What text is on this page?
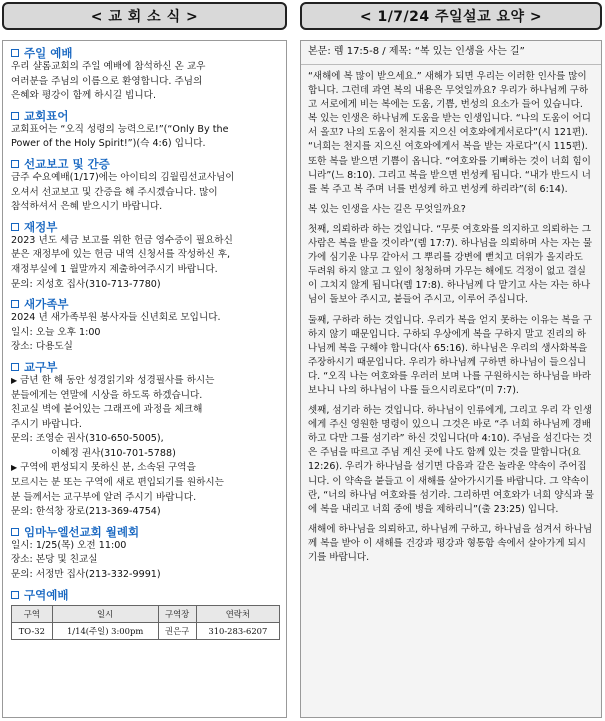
< 교 회 소 식 >	< 1/7/24 주일설교 요약 >
주일 예배

우리 샬롬교회의 주일 예배에 참석하신 온 교우

여러분을 주님의 이름으로 환영합니다. 주님의

은혜와 평강이 함께 하시길 빕니다.

교회표어

교회표어는 “오직 성령의 능력으로!”(“Only By the

Power of the Holy Spirit!”)(슥 4:6) 입니다.

선교보고 및 간증

금주 수요예배(1/17)에는 아이티의 김월림선교사님이

오셔서 선교보고 및 간증을 해 주시겠습니다. 많이

참석하셔서 은혜 받으시기 바랍니다.

재정부

2023 년도 세금 보고를 위한 헌금 영수증이 필요하신

분은 재정부에 있는 헌금 내역 신청서를 작성하신 후,

재정부실에 1 월말까지 제출하여주시기 바랍니다.

문의: 지성호 집사(310-713-7780)

새가족부

2024 년 새가족부원 봉사자들 신년회로 모입니다.

일시: 오늘 오후 1:00

장소: 다용도실

교구부
▶ 금년 한 해 동안 성경읽기와 성경필사를 하시는

분들에게는 연말에 시상을 하도록 하겠습니다.

친교실 벽에 붙어있는 그래프에 과정을 체크해

주시기 바랍니다.

문의: 조영순 권사(310-650-5005),

이혜정 권사(310-701-5788)

▶ 구역에 편성되지 못하신 분, 소속된 구역을

모르시는 분 또는 구역에 새로 편입되기를 원하시는

분 들께서는 교구부에 알려 주시기 바랍니다.

문의: 한석창 장로(213-369-4754)

임마누엘선교회 월례회

일시: 1/25(목) 오전 11:00

장소: 본당 및 친교실

문의: 서정만 집사(213-332-9991)

구역예배
구역	일시	구역장	연락처
TO-32	1/14(주일) 3:00pm	권은구	310-283-6207

본문: 렘 17:5-8 / 제목: “복 있는 인생을 사는 길”

“새해에 복 많이 받으세요.” 새해가 되면 우리는 이러한 인사를 많이 합니다. 그런데 과연 복의 내용은 무엇일까요? 우리가 하나님께 구하고 서로에게 비는 복에는 도움, 기쁨, 번성의 요소가 들어 있습니다. 복 있는 인생은 하나님께 도움을 받는 인생입니다. “나의 도움이 어디서 올꼬? 나의 도움이 천지를 지으신 여호와에게서로다”(시 121편). “너희는 천지를 지으신 여호와에게서 복을 받는 자로다”(시 115편). 또한 복을 받으면 기쁨이 옵니다. “여호와를 기뻐하는 것이 너희 힘이니라”(느 8:10). 그리고 복을 받으면 번성케 됩니다. “내가 반드시 너를 복 주고 복 주며 너를 번성케 하고 번성케 하리라”(히 6:14).

복 있는 인생을 사는 길은 무엇일까요?

첫째, 의뢰하라 하는 것입니다. “무릇 여호와를 의지하고 의뢰하는 그 사람은 복을 받을 것이라”(렘 17:7). 하나님을 의뢰하며 사는 자는 물가에 심기운 나무 같아서 그 뿌리를 강변에 뻗치고 더위가 올지라도 두려워 하지 않고 그 잎이 청청하며 가무는 해에도 걱정이 없고 결실이 그치지 않게 됩니다(렘 17:8). 하나님께 다 맡기고 사는 자는 하나님이 돌보아 주시고, 붙들어 주시고, 이루어 주십니다.

둘째, 구하라 하는 것입니다. 우리가 복을 얻지 못하는 이유는 복을 구하지 않기 때문입니다. 구하되 우상에게 복을 구하지 말고 진리의 하나님께 복을 구해야 합니다(사 65:16). 하나님은 우리의 생사화복을 주장하시기 때문입니다. 우리가 하나님께 구하면 하나님이 들으십니다. “오직 나는 여호와를 우러러 보며 나를 구원하시는 하나님을 바라보나니 나의 하나님이 나를 들으시리로다”(미 7:7).

셋째, 섬기라 하는 것입니다. 하나님이 인류에게, 그리고 우리 각 인생에게 주신 영원한 명령이 있으니 그것은 바로 “주 너희 하나님께 경배하고 다만 그를 섬기라” 하신 것입니다(마 4:10). 주님을 섬긴다는 것은 주님을 따르고 주님 계신 곳에 나도 함께 있는 것을 말합니다(요 12:26). 우리가 하나님을 섬기면 다음과 같은 놀라운 약속이 주어집니다. 이 약속을 붙들고 이 새해를 살아가시기를 바랍니다. 그 약속이란, “너의 하나님 여호와를 섬기라. 그리하면 여호와가 너희 양식과 물에 복을 내리고 너희 중에 병을 제하리니”(출 23:25) 입니다.

새해에 하나님을 의뢰하고, 하나님께 구하고, 하나님을 섬겨서 하나님께 복을 받아 이 새해를 건강과 평강과 형통함 속에서 살아가게 되시기를 바랍니다.
